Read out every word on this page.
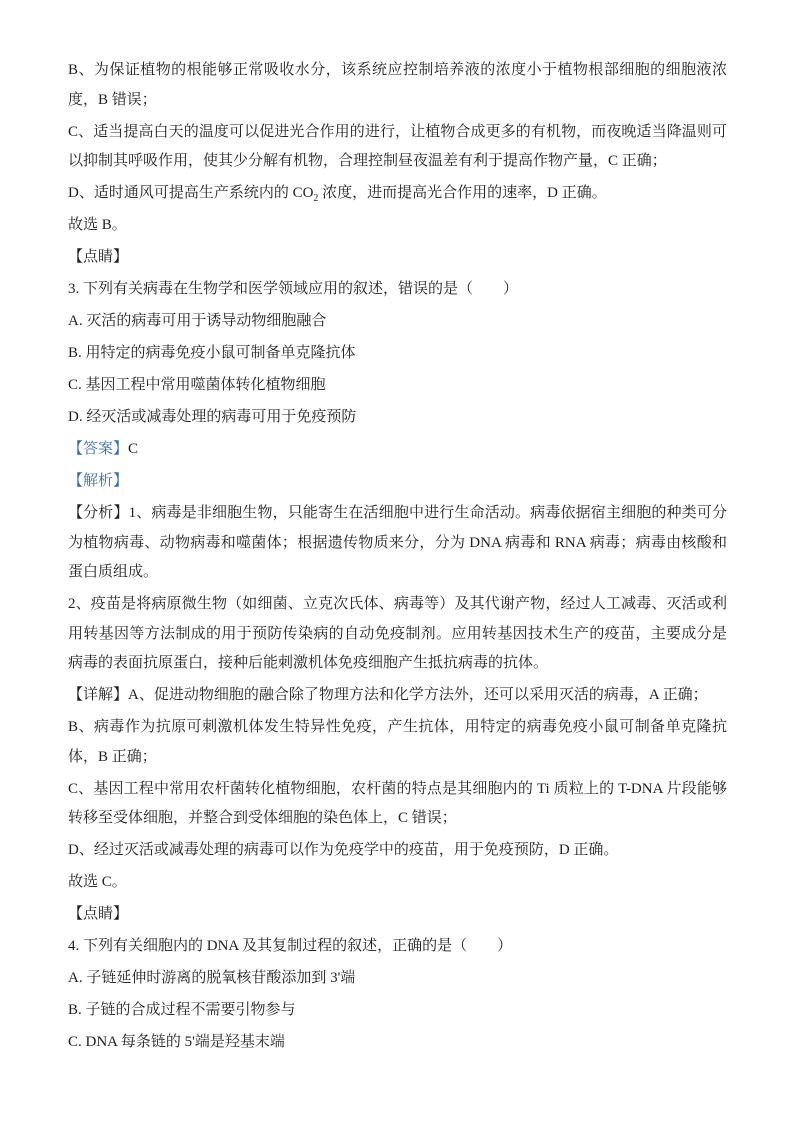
B、为保证植物的根能够正常吸收水分，该系统应控制培养液的浓度小于植物根部细胞的细胞液浓度，B 错误；

C、适当提高白天的温度可以促进光合作用的进行，让植物合成更多的有机物，而夜晚适当降温则可以抑制其呼吸作用，使其少分解有机物，合理控制昼夜温差有利于提高作物产量，C 正确；

D、适时通风可提高生产系统内的 $CO_2$ 浓度，进而提高光合作用的速率，D 正确。

故选 B。

【点睛】

3. 下列有关病毒在生物学和医学领域应用的叙述，错误的是（　　）

A. 灭活的病毒可用于诱导动物细胞融合

B. 用特定的病毒免疫小鼠可制备单克隆抗体

C. 基因工程中常用噬菌体转化植物细胞

D. 经灭活或减毒处理的病毒可用于免疫预防

【答案】C

【解析】

【分析】1、病毒是非细胞生物，只能寄生在活细胞中进行生命活动。病毒依据宿主细胞的种类可分为植物病毒、动物病毒和噬菌体；根据遗传物质来分，分为 DNA 病毒和 RNA 病毒；病毒由核酸和蛋白质组成。

2、疫苗是将病原微生物（如细菌、立克次氏体、病毒等）及其代谢产物，经过人工减毒、灭活或利用转基因等方法制成的用于预防传染病的自动免疫制剂。应用转基因技术生产的疫苗，主要成分是病毒的表面抗原蛋白，接种后能刺激机体免疫细胞产生抵抗病毒的抗体。

【详解】A、促进动物细胞的融合除了物理方法和化学方法外，还可以采用灭活的病毒，A 正确；

B、病毒作为抗原可刺激机体发生特异性免疫，产生抗体，用特定的病毒免疫小鼠可制备单克隆抗体，B 正确；

C、基因工程中常用农杆菌转化植物细胞，农杆菌的特点是其细胞内的 Ti 质粒上的 T-DNA 片段能够转移至受体细胞，并整合到受体细胞的染色体上，C 错误；

D、经过灭活或减毒处理的病毒可以作为免疫学中的疫苗，用于免疫预防，D 正确。

故选 C。

【点睛】

4. 下列有关细胞内的 DNA 及其复制过程的叙述，正确的是（　　）

A. 子链延伸时游离的脱氧核苷酸添加到 3'端

B. 子链的合成过程不需要引物参与

C. DNA 每条链的 5'端是羟基末端
